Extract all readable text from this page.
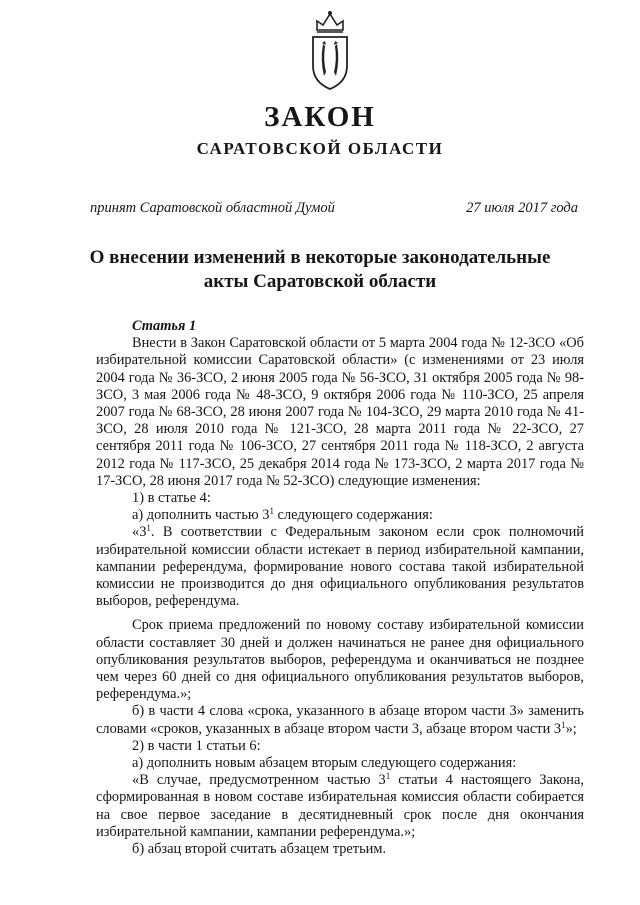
ЗАКОН
САРАТОВСКОЙ ОБЛАСТИ
принят Саратовской областной Думой	27 июля 2017 года
О внесении изменений в некоторые законодательные
акты Саратовской области

Статья 1

Внести в Закон Саратовской области от 5 марта 2004 года № 12-ЗСО «Об избирательной комиссии Саратовской области» (с изменениями от 23 июля 2004 года № 36-ЗСО, 2 июня 2005 года № 56-ЗСО, 31 октября 2005 года № 98-ЗСО, 3 мая 2006 года № 48-ЗСО, 9 октября 2006 года № 110-ЗСО, 25 апреля 2007 года № 68-ЗСО, 28 июня 2007 года № 104-ЗСО, 29 марта 2010 года № 41-ЗСО, 28 июля 2010 года № 121-ЗСО, 28 марта 2011 года № 22-ЗСО, 27 сентября 2011 года № 106-ЗСО, 27 сентября 2011 года № 118-ЗСО, 2 августа 2012 года № 117-ЗСО, 25 декабря 2014 года № 173-ЗСО, 2 марта 2017 года № 17-ЗСО, 28 июня 2017 года № 52-ЗСО) следующие изменения:

1) в статье 4:

а) дополнить частью $3^1$ следующего содержания:

«$3^1$. В соответствии с Федеральным законом если срок полномочий избирательной комиссии области истекает в период избирательной кампании, кампании референдума, формирование нового состава такой избирательной комиссии не производится до дня официального опубликования результатов выборов, референдума.

Срок приема предложений по новому составу избирательной комиссии области составляет 30 дней и должен начинаться не ранее дня официального опубликования результатов выборов, референдума и оканчиваться не позднее чем через 60 дней со дня официального опубликования результатов выборов, референдума.»;

б) в части 4 слова «срока, указанного в абзаце втором части 3» заменить словами «сроков, указанных в абзаце втором части 3, абзаце втором части $3^1$»;

2) в части 1 статьи 6:

а) дополнить новым абзацем вторым следующего содержания:

«В случае, предусмотренном частью $3^1$ статьи 4 настоящего Закона, сформированная в новом составе избирательная комиссия области собирается на свое первое заседание в десятидневный срок после дня окончания избирательной кампании, кампании референдума.»;

б) абзац второй считать абзацем третьим.
